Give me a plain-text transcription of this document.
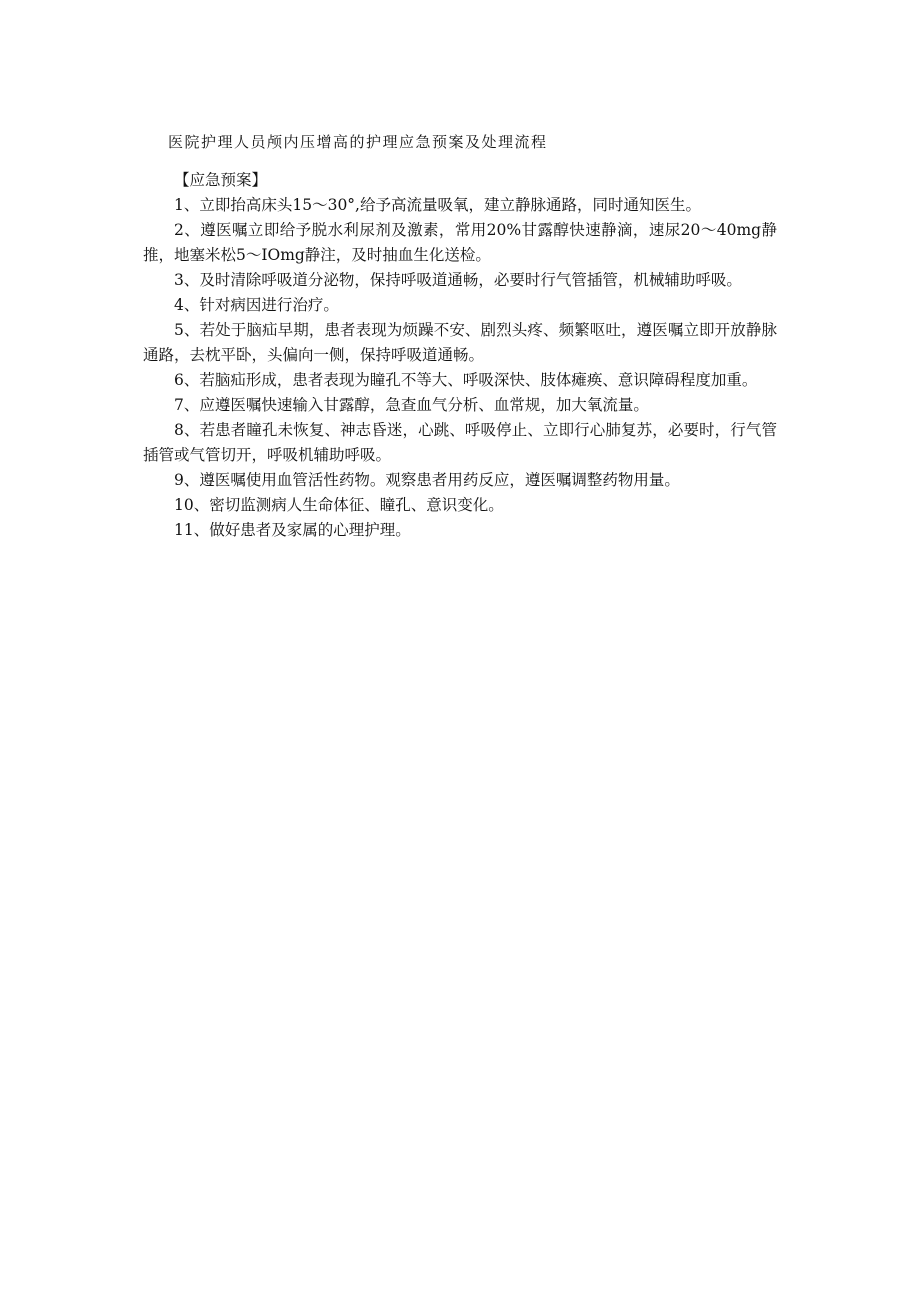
医院护理人员颅内压增高的护理应急预案及处理流程

【应急预案】

1、立即抬高床头15～30°,给予高流量吸氧，建立静脉通路，同时通知医生。

2、遵医嘱立即给予脱水利尿剂及激素，常用20%甘露醇快速静滴，速尿20～40mg静推，地塞米松5～IOmg静注，及时抽血生化送检。

3、及时清除呼吸道分泌物，保持呼吸道通畅，必要时行气管插管，机械辅助呼吸。

4、针对病因进行治疗。

5、若处于脑疝早期，患者表现为烦躁不安、剧烈头疼、频繁呕吐，遵医嘱立即开放静脉通路，去枕平卧，头偏向一侧，保持呼吸道通畅。

6、若脑疝形成，患者表现为瞳孔不等大、呼吸深快、肢体瘫痪、意识障碍程度加重。

7、应遵医嘱快速输入甘露醇，急查血气分析、血常规，加大氧流量。

8、若患者瞳孔未恢复、神志昏迷，心跳、呼吸停止、立即行心肺复苏，必要时，行气管插管或气管切开，呼吸机辅助呼吸。

9、遵医嘱使用血管活性药物。观察患者用药反应，遵医嘱调整药物用量。

10、密切监测病人生命体征、瞳孔、意识变化。

11、做好患者及家属的心理护理。
